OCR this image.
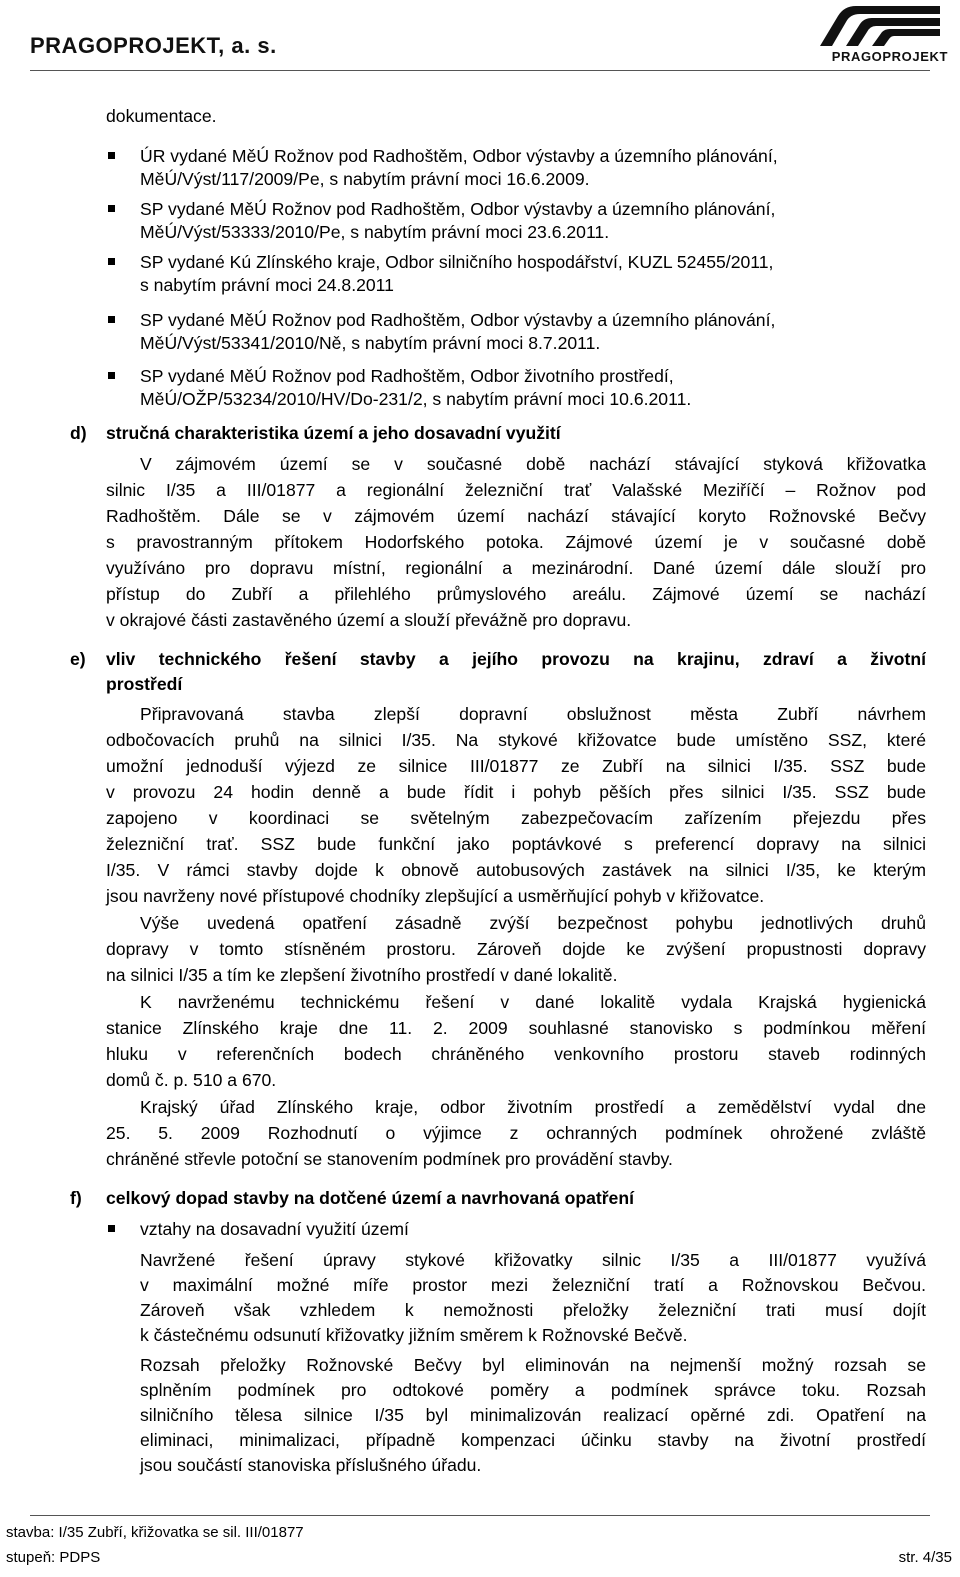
PRAGOPROJEKT, a. s.	PRAGOPROJEKT
dokumentace.
ÚR vydané MěÚ Rožnov pod Radhoštěm, Odbor výstavby a územního plánování,
MěÚ/Výst/117/2009/Pe, s nabytím právní moci 16.6.2009.
SP vydané MěÚ Rožnov pod Radhoštěm, Odbor výstavby a územního plánování,
MěÚ/Výst/53333/2010/Pe, s nabytím právní moci 23.6.2011.
SP vydané Kú Zlínského kraje, Odbor silničního hospodářství, KUZL 52455/2011,
s nabytím právní moci 24.8.2011
SP vydané MěÚ Rožnov pod Radhoštěm, Odbor výstavby a územního plánování,
MěÚ/Výst/53341/2010/Ně, s nabytím právní moci 8.7.2011.
SP vydané MěÚ Rožnov pod Radhoštěm, Odbor životního prostředí,
MěÚ/OŽP/53234/2010/HV/Do-231/2, s nabytím právní moci 10.6.2011.
d) stručná charakteristika území a jeho dosavadní využití
V zájmovém území se v současné době nachází stávající styková křižovatka
silnic I/35 a III/01877 a regionální železniční trať Valašské Meziříčí – Rožnov pod
Radhoštěm. Dále se v zájmovém území nachází stávající koryto Rožnovské Bečvy
s pravostranným přítokem Hodorfského potoka. Zájmové území je v současné době
využíváno pro dopravu místní, regionální a mezinárodní. Dané území dále slouží pro
přístup do Zubří a přilehlého průmyslového areálu. Zájmové území se nachází
v okrajové části zastavěného území a slouží převážně pro dopravu.
e) vliv technického řešení stavby a jejího provozu na krajinu, zdraví a životní
prostředí
Připravovaná stavba zlepší dopravní obslužnost města Zubří návrhem
odbočovacích pruhů na silnici I/35. Na stykové křižovatce bude umístěno SSZ, které
umožní jednoduší výjezd ze silnice III/01877 ze Zubří na silnici I/35. SSZ bude
v provozu 24 hodin denně a bude řídit i pohyb pěších přes silnici I/35. SSZ bude
zapojeno v koordinaci se světelným zabezpečovacím zařízením přejezdu přes
železniční trať. SSZ bude funkční jako poptávkové s preferencí dopravy na silnici
I/35. V rámci stavby dojde k obnově autobusových zastávek na silnici I/35, ke kterým
jsou navrženy nové přístupové chodníky zlepšující a usměrňující pohyb v křižovatce.
Výše uvedená opatření zásadně zvýší bezpečnost pohybu jednotlivých druhů
dopravy v tomto stísněném prostoru. Zároveň dojde ke zvýšení propustnosti dopravy
na silnici I/35 a tím ke zlepšení životního prostředí v dané lokalitě.
K navrženému technickému řešení v dané lokalitě vydala Krajská hygienická
stanice Zlínského kraje dne 11. 2. 2009 souhlasné stanovisko s podmínkou měření
hluku v referenčních bodech chráněného venkovního prostoru staveb rodinných
domů č. p. 510 a 670.
Krajský úřad Zlínského kraje, odbor životním prostředí a zemědělství vydal dne
25. 5. 2009 Rozhodnutí o výjimce z ochranných podmínek ohrožené zvláště
chráněné střevle potoční se stanovením podmínek pro provádění stavby.
f) celkový dopad stavby na dotčené území a navrhovaná opatření
vztahy na dosavadní využití území
Navržené řešení úpravy stykové křižovatky silnic I/35 a III/01877 využívá
v maximální možné míře prostor mezi železniční tratí a Rožnovskou Bečvou.
Zároveň však vzhledem k nemožnosti přeložky železniční trati musí dojít
k částečnému odsunutí křižovatky jižním směrem k Rožnovské Bečvě.
Rozsah přeložky Rožnovské Bečvy byl eliminován na nejmenší možný rozsah se
splněním podmínek pro odtokové poměry a podmínek správce toku. Rozsah
silničního tělesa silnice I/35 byl minimalizován realizací opěrné zdi. Opatření na
eliminaci, minimalizaci, případně kompenzaci účinku stavby na životní prostředí
jsou součástí stanoviska příslušného úřadu.
stavba: I/35 Zubří, křižovatka se sil. III/01877
stupeň: PDPS	str. 4/35
